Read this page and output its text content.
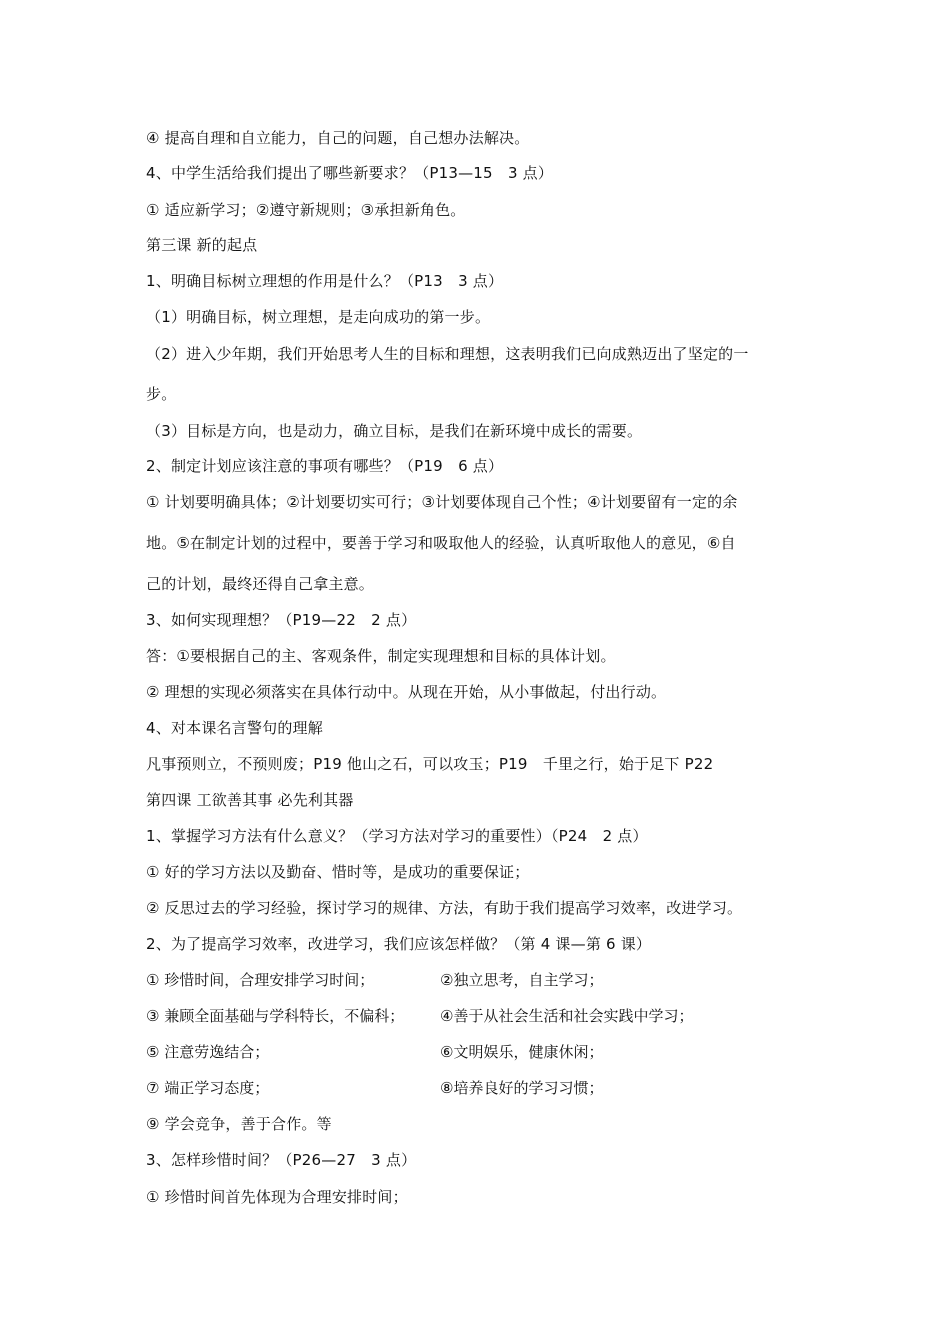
④ 提高自理和自立能力，自己的问题，自己想办法解决。
4、中学生活给我们提出了哪些新要求？（P13—15　3 点）
① 适应新学习；②遵守新规则；③承担新角色。
第三课 新的起点
1、明确目标树立理想的作用是什么？（P13　3 点）
（1）明确目标，树立理想，是走向成功的第一步。
（2）进入少年期，我们开始思考人生的目标和理想，这表明我们已向成熟迈出了坚定的一
步。
（3）目标是方向，也是动力，确立目标，是我们在新环境中成长的需要。
2、制定计划应该注意的事项有哪些？（P19　6 点）
① 计划要明确具体；②计划要切实可行；③计划要体现自己个性；④计划要留有一定的余
地。⑤在制定计划的过程中，要善于学习和吸取他人的经验，认真听取他人的意见，⑥自
己的计划，最终还得自己拿主意。
3、如何实现理想？（P19—22　2 点）
答：①要根据自己的主、客观条件，制定实现理想和目标的具体计划。
② 理想的实现必须落实在具体行动中。从现在开始，从小事做起，付出行动。
4、对本课名言警句的理解
凡事预则立，不预则废；P19 他山之石，可以攻玉；P19　千里之行，始于足下 P22
第四课 工欲善其事 必先利其器
1、掌握学习方法有什么意义？（学习方法对学习的重要性）（P24　2 点）
① 好的学习方法以及勤奋、惜时等，是成功的重要保证；
② 反思过去的学习经验，探讨学习的规律、方法，有助于我们提高学习效率，改进学习。
2、为了提高学习效率，改进学习，我们应该怎样做？（第 4 课—第 6 课）
① 珍惜时间，合理安排学习时间；	②独立思考，自主学习；
③ 兼顾全面基础与学科特长，不偏科； ④善于从社会生活和社会实践中学习；
⑤ 注意劳逸结合；	⑥文明娱乐，健康休闲；
⑦ 端正学习态度；	⑧培养良好的学习习惯；
⑨ 学会竞争，善于合作。等
3、怎样珍惜时间？（P26—27　3 点）
① 珍惜时间首先体现为合理安排时间；
